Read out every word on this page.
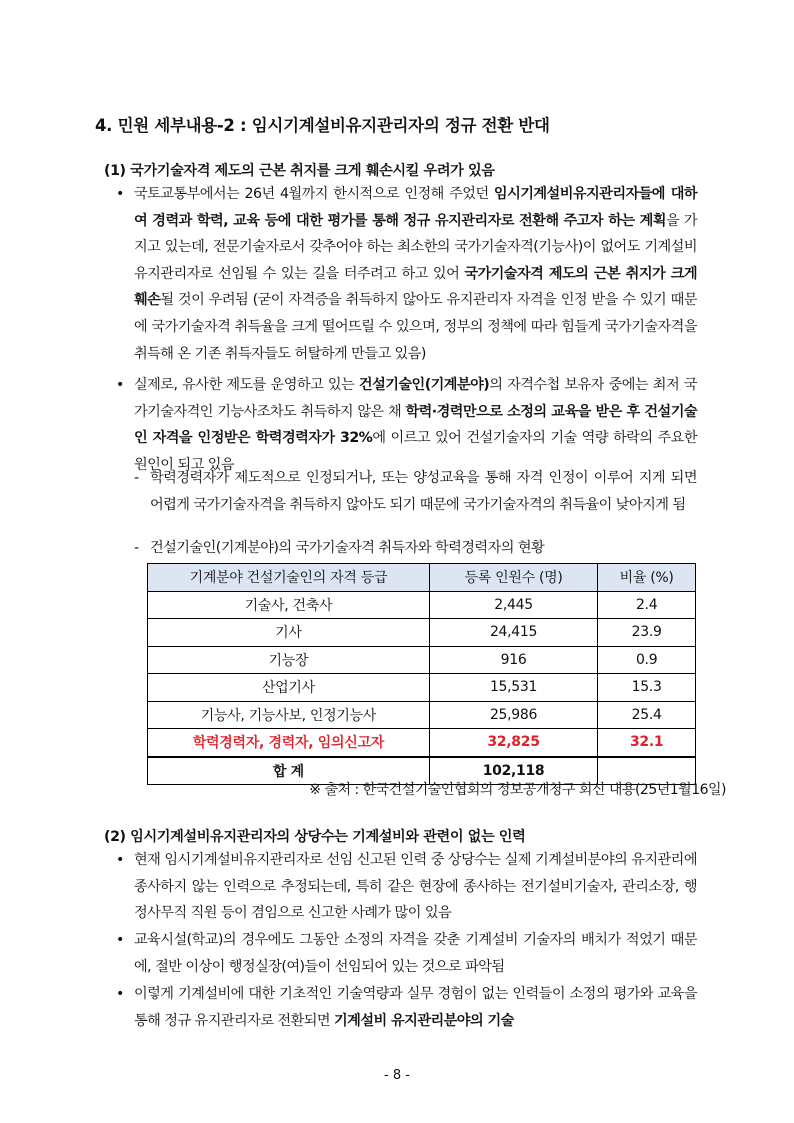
4. 민원 세부내용-2 : 임시기계설비유지관리자의 정규 전환 반대
(1) 국가기술자격 제도의 근본 취지를 크게 훼손시킬 우려가 있음
• 국토교통부에서는 26년 4월까지 한시적으로 인정해 주었던 임시기계설비유지관리자들에 대하여 경력과 학력, 교육 등에 대한 평가를 통해 정규 유지관리자로 전환해 주고자 하는 계획을 가지고 있는데, 전문기술자로서 갖추어야 하는 최소한의 국가기술자격(기능사)이 없어도 기계설비유지관리자로 선임될 수 있는 길을 터주려고 하고 있어 국가기술자격 제도의 근본 취지가 크게 훼손될 것이 우려됨 (굳이 자격증을 취득하지 않아도 유지관리자 자격을 인정 받을 수 있기 때문에 국가기술자격 취득율을 크게 떨어뜨릴 수 있으며, 정부의 정책에 따라 힘들게 국가기술자격을 취득해 온 기존 취득자들도 허탈하게 만들고 있음)
• 실제로, 유사한 제도를 운영하고 있는 건설기술인(기계분야)의 자격수첩 보유자 중에는 최저 국가기술자격인 기능사조차도 취득하지 않은 채 학력·경력만으로 소정의 교육을 받은 후 건설기술인 자격을 인정받은 학력경력자가 32%에 이르고 있어 건설기술자의 기술 역량 하락의 주요한 원인이 되고 있음
- 학력경력자가 제도적으로 인정되거나, 또는 양성교육을 통해 자격 인정이 이루어 지게 되면 어렵게 국가기술자격을 취득하지 않아도 되기 때문에 국가기술자격의 취득율이 낮아지게 됨
- 건설기술인(기계분야)의 국가기술자격 취득자와 학력경력자의 현황
기계분야 건설기술인의 자격 등급	등록 인원수 (명)	비율 (%)
기술사, 건축사	2,445	2.4
기사	24,415	23.9
기능장	916	0.9
산업기사	15,531	15.3
기능사, 기능사보, 인정기능사	25,986	25.4
학력경력자, 경력자, 임의신고자	32,825	32.1
합 계	102,118	
※ 출처 : 한국건설기술인협회의 정보공개청구 회신 내용(25년1월16일)
(2) 임시기계설비유지관리자의 상당수는 기계설비와 관련이 없는 인력
• 현재 임시기계설비유지관리자로 선임 신고된 인력 중 상당수는 실제 기계설비분야의 유지관리에 종사하지 않는 인력으로 추정되는데, 특히 같은 현장에 종사하는 전기설비기술자, 관리소장, 행정사무직 직원 등이 겸임으로 신고한 사례가 많이 있음
• 교육시설(학교)의 경우에도 그동안 소정의 자격을 갖춘 기계설비 기술자의 배치가 적었기 때문에, 절반 이상이 행정실장(여)들이 선임되어 있는 것으로 파악됨
• 이렇게 기계설비에 대한 기초적인 기술역량과 실무 경험이 없는 인력들이 소정의 평가와 교육을 통해 정규 유지관리자로 전환되면 기계설비 유지관리분야의 기술
- 8 -
